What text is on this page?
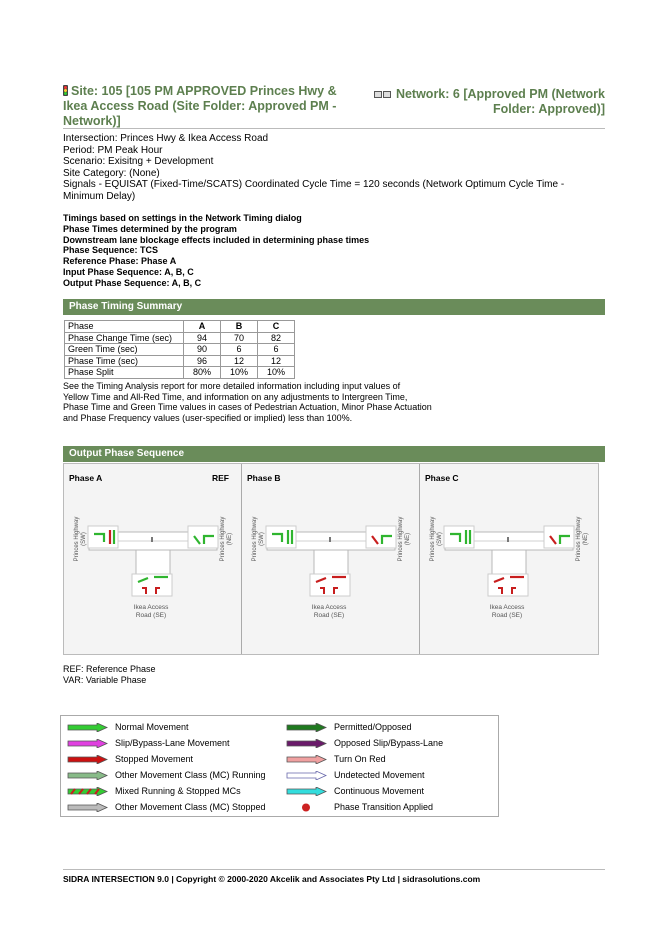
Site: 105 [105 PM APPROVED Princes Hwy & Ikea Access Road (Site Folder: Approved PM - Network)]
Network: 6 [Approved PM (Network Folder: Approved)]
Intersection: Princes Hwy & Ikea Access Road
Period: PM Peak Hour
Scenario: Exisitng + Development
Site Category: (None)
Signals - EQUISAT (Fixed-Time/SCATS) Coordinated Cycle Time = 120 seconds (Network Optimum Cycle Time - Minimum Delay)
Timings based on settings in the Network Timing dialog
Phase Times determined by the program
Downstream lane blockage effects included in determining phase times
Phase Sequence: TCS
Reference Phase: Phase A
Input Phase Sequence: A, B, C
Output Phase Sequence: A, B, C
Phase Timing Summary
Phase	A	B	C
Phase Change Time (sec)	94	70	82
Green Time (sec)	90	6	6
Phase Time (sec)	96	12	12
Phase Split	80%	10%	10%
See the Timing Analysis report for more detailed information including input values of
Yellow Time and All-Red Time, and information on any adjustments to Intergreen Time,
Phase Time and Green Time values in cases of Pedestrian Actuation, Minor Phase Actuation
and Phase Frequency values (user-specified or implied) less than 100%.
Output Phase Sequence
Phase A	REF
Princes Highway(SW)	Princes Highway(NE)
Ikea Access Road (SE)
Phase B
Princes Highway(SW)	Princes Highway(NE)
Ikea Access Road (SE)
Phase C
Princes Highway(SW)	Princes Highway(NE)
Ikea Access Road (SE)
REF: Reference Phase
VAR: Variable Phase
Normal Movement	Permitted/Opposed
Slip/Bypass-Lane Movement	Opposed Slip/Bypass-Lane
Stopped Movement	Turn On Red
Other Movement Class (MC) Running	Undetected Movement
Mixed Running & Stopped MCs	Continuous Movement
Other Movement Class (MC) Stopped	Phase Transition Applied
SIDRA INTERSECTION 9.0 | Copyright © 2000-2020 Akcelik and Associates Pty Ltd | sidrasolutions.com
